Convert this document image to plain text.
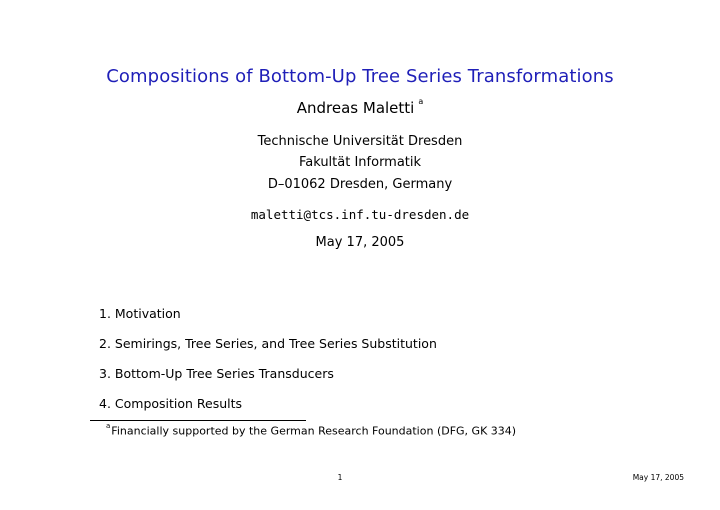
Compositions of Bottom-Up Tree Series Transformations
Andreas Maletti $^a$
Technische Universität Dresden
Fakultät Informatik
D–01062 Dresden, Germany
maletti@tcs.inf.tu-dresden.de
May 17, 2005
1. Motivation
2. Semirings, Tree Series, and Tree Series Substitution
3. Bottom-Up Tree Series Transducers
4. Composition Results
$^a$Financially supported by the German Research Foundation (DFG, GK 334)
1	May 17, 2005
